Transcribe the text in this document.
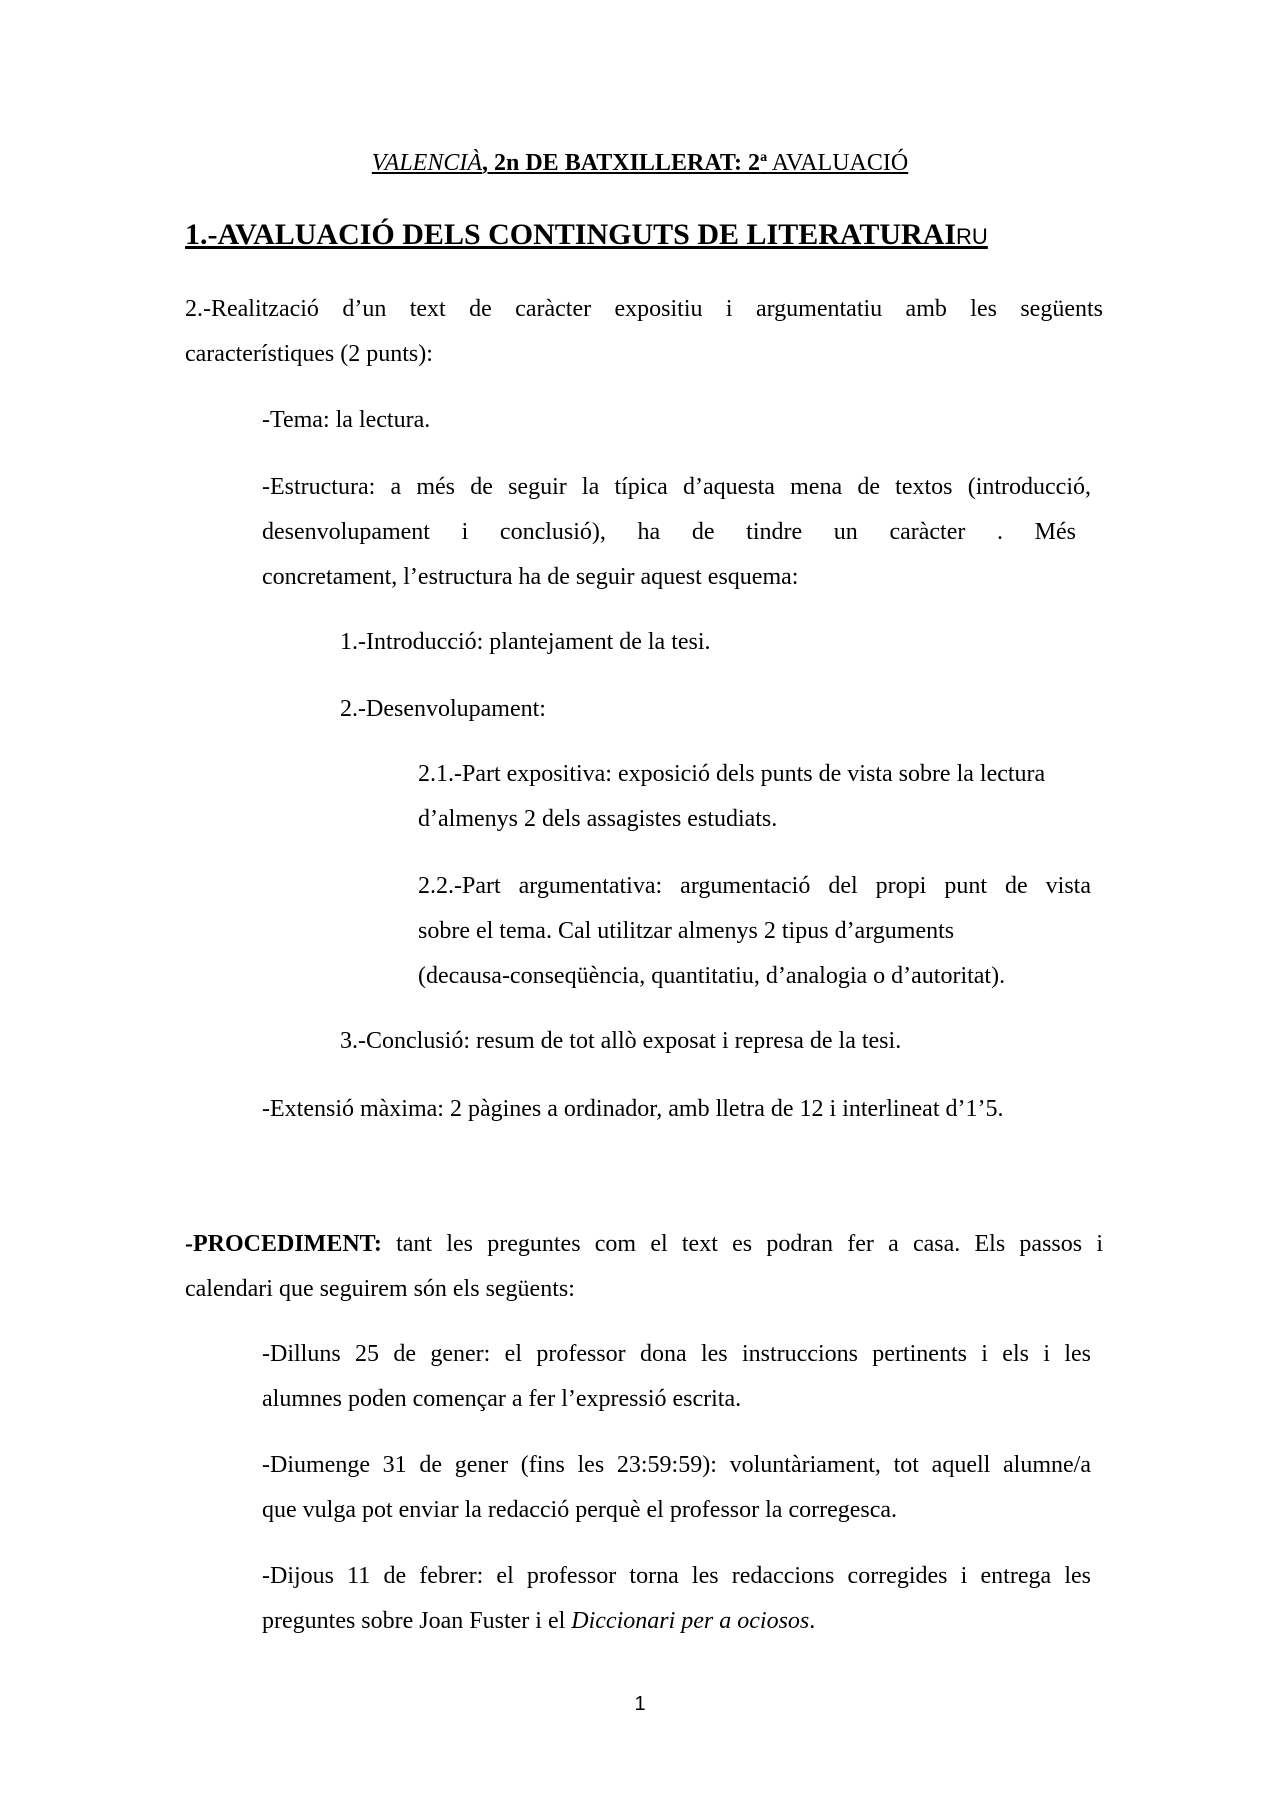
VALENCIÀ, 2n DE BATXILLERAT: 2$^a$ AVALUACIÓ
1.-AVALUACIÓ DELS CONTINGUTS DE LITERATURAIRU

2.-Realització d’un text de caràcter expositiu i argumentatiu amb les següents

característiques (2 punts):

-Tema: la lectura.

-Estructura: a més de seguir la típica d’aquesta mena de textos (introducció,

desenvolupament i conclusió), ha de tindre un caràcter . Més

concretament, l’estructura ha de seguir aquest esquema:

1.-Introducció: plantejament de la tesi.

2.-Desenvolupament:

2.1.-Part expositiva: exposició dels punts de vista sobre la lectura

d’almenys 2 dels assagistes estudiats.

2.2.-Part argumentativa: argumentació del propi punt de vista

sobre el tema. Cal utilitzar almenys 2 tipus d’arguments

(decausa-conseqüència, quantitatiu, d’analogia o d’autoritat).

3.-Conclusió: resum de tot allò exposat i represa de la tesi.

-Extensió màxima: 2 pàgines a ordinador, amb lletra de 12 i interlineat d’1’5.

-PROCEDIMENT: tant les preguntes com el text es podran fer a casa. Els passos i

calendari que seguirem són els següents:

-Dilluns 25 de gener: el professor dona les instruccions pertinents i els i les

alumnes poden començar a fer l’expressió escrita.

-Diumenge 31 de gener (fins les 23:59:59): voluntàriament, tot aquell alumne/a

que vulga pot enviar la redacció perquè el professor la corregesca.

-Dijous 11 de febrer: el professor torna les redaccions corregides i entrega les

preguntes sobre Joan Fuster i el Diccionari per a ociosos.

1
